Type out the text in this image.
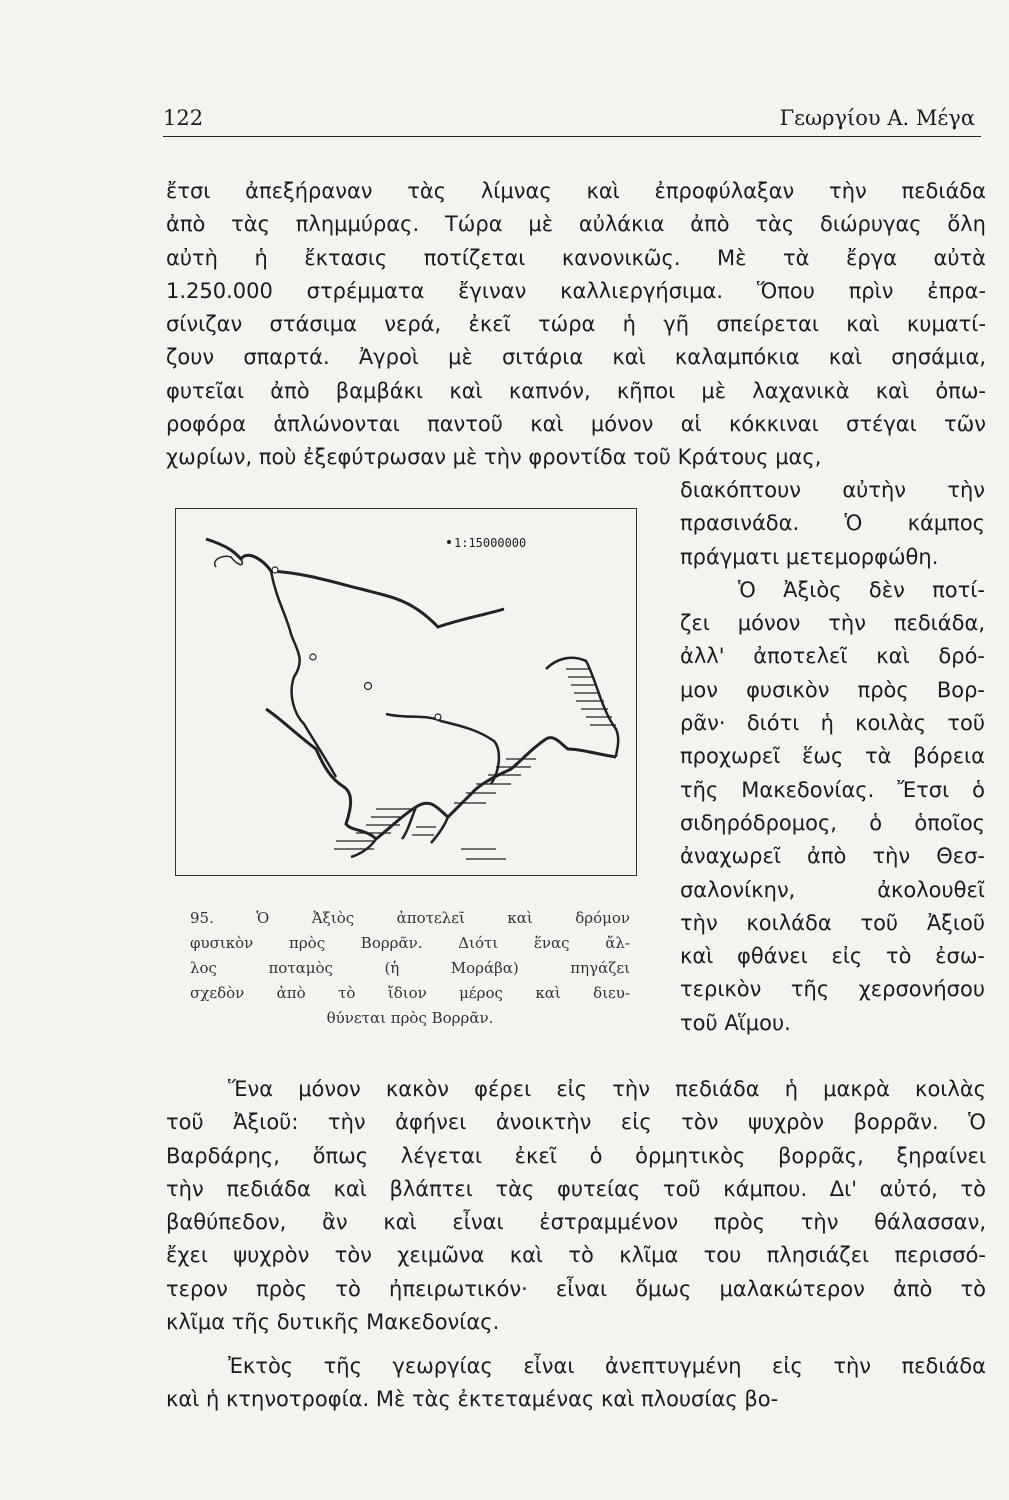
122	Γεωργίου Α. Μέγα
ἔτσι ἀπεξήραναν τὰς λίμνας καὶ ἐπροφύλαξαν τὴν πεδιάδα
ἀπὸ τὰς πλημμύρας. Τώρα μὲ αὐλάκια ἀπὸ τὰς διώρυγας ὅλη
αὐτὴ ἡ ἔκτασις ποτίζεται κανονικῶς. Μὲ τὰ ἔργα αὐτὰ
1.250.000 στρέμματα ἔγιναν καλλιεργήσιμα. Ὅπου πρὶν ἐπρα-
σίνιζαν στάσιμα νερά, ἐκεῖ τώρα ἡ γῆ σπείρεται καὶ κυματί-
ζουν σπαρτά. Ἀγροὶ μὲ σιτάρια καὶ καλαμπόκια καὶ σησάμια,
φυτεῖαι ἀπὸ βαμβάκι καὶ καπνόν, κῆποι μὲ λαχανικὰ καὶ ὀπω-
ροφόρα ἁπλώνονται παντοῦ καὶ μόνον αἱ κόκκιναι στέγαι τῶν
χωρίων, ποὺ ἐξεφύτρωσαν μὲ τὴν φροντίδα τοῦ Κράτους μας,
1:15000000
95. Ὁ Ἀξιὸς ἀποτελεῖ καὶ δρόμον
φυσικὸν πρὸς Βορρᾶν. Διότι ἕνας ἄλ-
λος ποταμὸς (ἡ Μοράβα) πηγάζει
σχεδὸν ἀπὸ τὸ ἴδιον μέρος καὶ διευ-
θύνεται πρὸς Βορρᾶν.
διακόπτουν αὐτὴν τὴν
πρασινάδα. Ὁ κάμπος
πράγματι μετεμορφώθη.
Ὁ Ἀξιὸς δὲν ποτί-
ζει μόνον τὴν πεδιάδα,
ἀλλ' ἀποτελεῖ καὶ δρό-
μον φυσικὸν πρὸς Βορ-
ρᾶν· διότι ἡ κοιλὰς τοῦ
προχωρεῖ ἕως τὰ βόρεια
τῆς Μακεδονίας. Ἔτσι ὁ
σιδηρόδρομος, ὁ ὁποῖος
ἀναχωρεῖ ἀπὸ τὴν Θεσ-
σαλονίκην, ἀκολουθεῖ
τὴν κοιλάδα τοῦ Ἀξιοῦ
καὶ φθάνει εἰς τὸ ἐσω-
τερικὸν τῆς χερσονήσου
τοῦ Αἵμου.
Ἕνα μόνον κακὸν φέρει εἰς τὴν πεδιάδα ἡ μακρὰ κοιλὰς
τοῦ Ἀξιοῦ: τὴν ἀφήνει ἀνοικτὴν εἰς τὸν ψυχρὸν βορρᾶν. Ὁ
Βαρδάρης, ὅπως λέγεται ἐκεῖ ὁ ὁρμητικὸς βορρᾶς, ξηραίνει
τὴν πεδιάδα καὶ βλάπτει τὰς φυτείας τοῦ κάμπου. Δι' αὐτό, τὸ
βαθύπεδον, ἂν καὶ εἶναι ἐστραμμένον πρὸς τὴν θάλασσαν,
ἔχει ψυχρὸν τὸν χειμῶνα καὶ τὸ κλῖμα του πλησιάζει περισσό-
τερον πρὸς τὸ ἠπειρωτικόν· εἶναι ὅμως μαλακώτερον ἀπὸ τὸ
κλῖμα τῆς δυτικῆς Μακεδονίας.
Ἐκτὸς τῆς γεωργίας εἶναι ἀνεπτυγμένη εἰς τὴν πεδιάδα
καὶ ἡ κτηνοτροφία. Μὲ τὰς ἐκτεταμένας καὶ πλουσίας βο-
